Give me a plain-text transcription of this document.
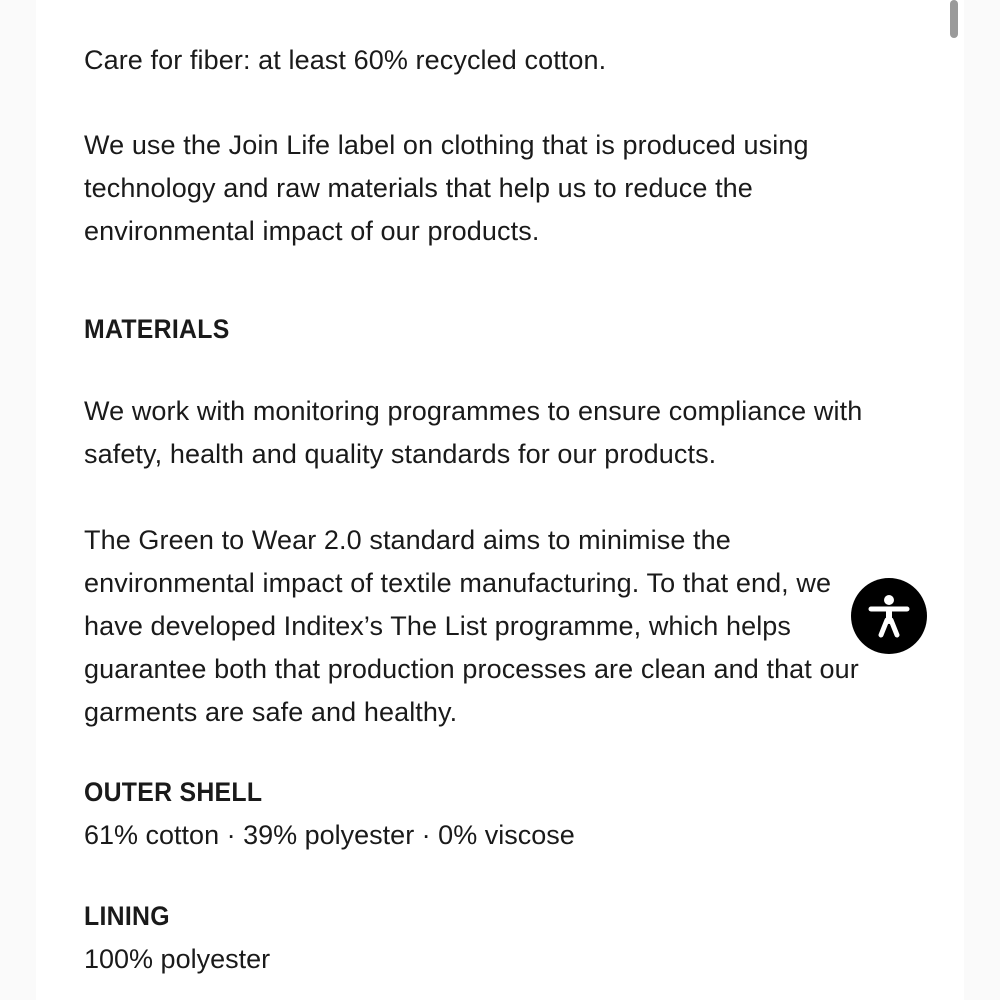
Care for fiber: at least 60% recycled cotton.

We use the Join Life label on clothing that is produced using technology and raw materials that help us to reduce the environmental impact of our products.

MATERIALS

We work with monitoring programmes to ensure compliance with safety, health and quality standards for our products.

The Green to Wear 2.0 standard aims to minimise the environmental impact of textile manufacturing. To that end, we have developed Inditex’s The List programme, which helps guarantee both that production processes are clean and that our garments are safe and healthy.

OUTER SHELL

61% cotton · 39% polyester · 0% viscose

LINING

100% polyester
